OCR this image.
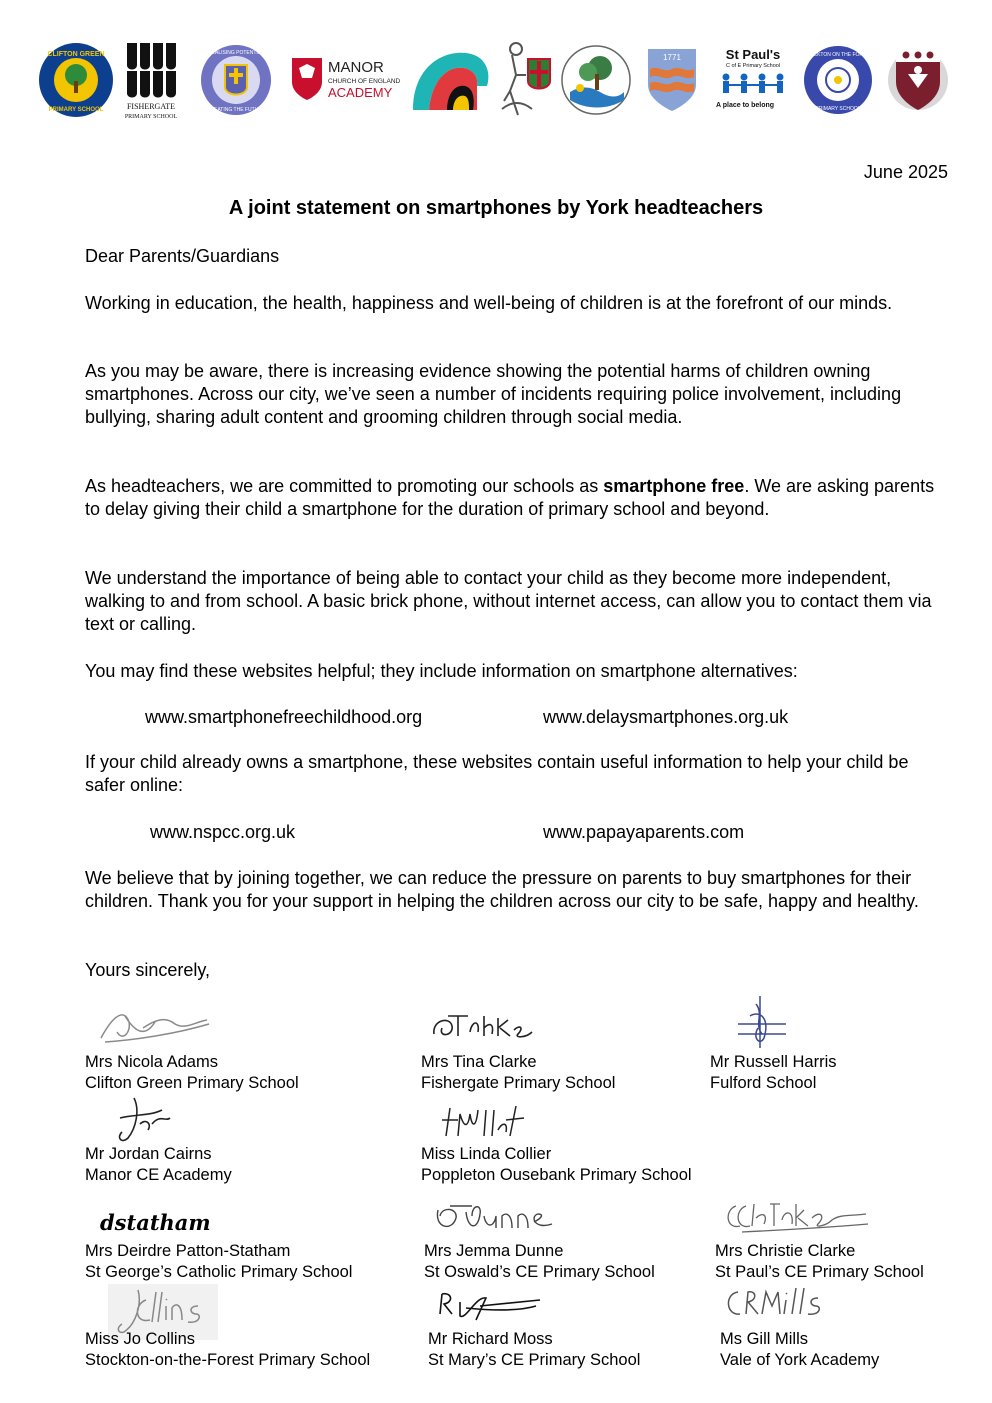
CLIFTON GREEN
PRIMARY SCHOOL	FISHERGATE
PRIMARY SCHOOL
REALISING POTENTIAL
CREATING THE FUTURE
MANOR
CHURCH OF ENGLAND
ACADEMY
1771	St Paul's
C of E Primary School
A place to belong
STOCKTON ON THE FOREST
PRIMARY SCHOOL
June 2025
A joint statement on smartphones by York headteachers

Dear Parents/Guardians

Working in education, the health, happiness and well-being of children is at the forefront of our minds.

As you may be aware, there is increasing evidence showing the potential harms of children owning smartphones. Across our city, we’ve seen a number of incidents requiring police involvement, including bullying, sharing adult content and grooming children through social media.

As headteachers, we are committed to promoting our schools as smartphone free. We are asking parents to delay giving their child a smartphone for the duration of primary school and beyond.

We understand the importance of being able to contact your child as they become more independent, walking to and from school. A basic brick phone, without internet access, can allow you to contact them via text or calling.

You may find these websites helpful; they include information on smartphone alternatives:

www.smartphonefreechildhood.org	www.delaysmartphones.org.uk

If your child already owns a smartphone, these websites contain useful information to help your child be safer online:

www.nspcc.org.uk	www.papayaparents.com

We believe that by joining together, we can reduce the pressure on parents to buy smartphones for their children. Thank you for your support in helping the children across our city to be safe, happy and healthy.

Yours sincerely,

Mrs Nicola Adams
Clifton Green Primary School
Mrs Tina Clarke
Fishergate Primary School
Mr Russell Harris
Fulford School
Mr Jordan Cairns
Manor CE Academy
Miss Linda Collier
Poppleton Ousebank Primary School
dstatham
Mrs Deirdre Patton-Statham
St George’s Catholic Primary School
Mrs Jemma Dunne
St Oswald’s CE Primary School
Mrs Christie Clarke
St Paul’s CE Primary School
Miss Jo Collins
Stockton-on-the-Forest Primary School
Mr Richard Moss
St Mary’s CE Primary School
Ms Gill Mills
Vale of York Academy
